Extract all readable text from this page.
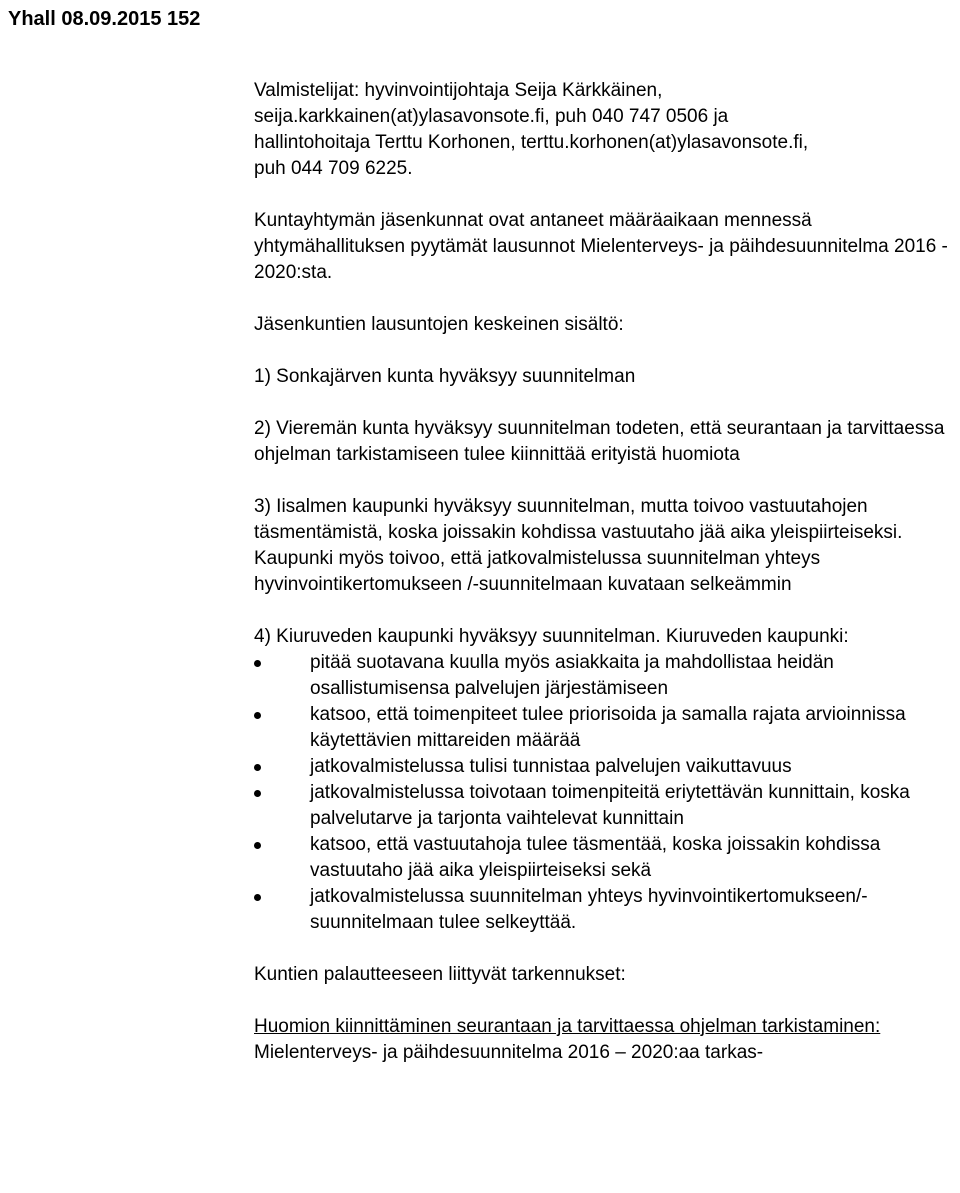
Yhall 08.09.2015 152

Valmistelijat: hyvinvointijohtaja Seija Kärkkäinen,

seija.karkkainen(at)ylasavonsote.fi, puh 040 747 0506 ja

hallintohoitaja Terttu Korhonen, terttu.korhonen(at)ylasavonsote.fi,

puh 044 709 6225.

Kuntayhtymän jäsenkunnat ovat antaneet määräaikaan mennessä yhtymähallituksen pyytämät lausunnot Mielenterveys- ja päihdesuunnitelma 2016 - 2020:sta.

Jäsenkuntien lausuntojen keskeinen sisältö:

1) Sonkajärven kunta hyväksyy suunnitelman

2) Vieremän kunta hyväksyy suunnitelman todeten, että seurantaan ja tarvittaessa ohjelman tarkistamiseen tulee kiinnittää erityistä huomiota

3) Iisalmen kaupunki hyväksyy suunnitelman, mutta toivoo vastuutahojen täsmentämistä, koska joissakin kohdissa vastuutaho jää aika yleispiirteiseksi. Kaupunki myös toivoo, että jatkovalmistelussa suunnitelman yhteys hyvinvointikertomukseen /-suunnitelmaan kuvataan selkeämmin

4) Kiuruveden kaupunki hyväksyy suunnitelman. Kiuruveden kaupunki:

pitää suotavana kuulla myös asiakkaita ja mahdollistaa heidän osallistumisensa palvelujen järjestämiseen
katsoo, että toimenpiteet tulee priorisoida ja samalla rajata arvioinnissa käytettävien mittareiden määrää
jatkovalmistelussa tulisi tunnistaa palvelujen vaikuttavuus
jatkovalmistelussa toivotaan toimenpiteitä eriytettävän kunnittain, koska palvelutarve ja tarjonta vaihtelevat kunnittain
katsoo, että vastuutahoja tulee täsmentää, koska joissakin kohdissa vastuutaho jää aika yleispiirteiseksi sekä
jatkovalmistelussa suunnitelman yhteys hyvinvointikertomukseen/-suunnitelmaan tulee selkeyttää.

Kuntien palautteeseen liittyvät tarkennukset:

Huomion kiinnittäminen seurantaan ja tarvittaessa ohjelman tarkistaminen: Mielenterveys- ja päihdesuunnitelma 2016 – 2020:aa tarkas-
